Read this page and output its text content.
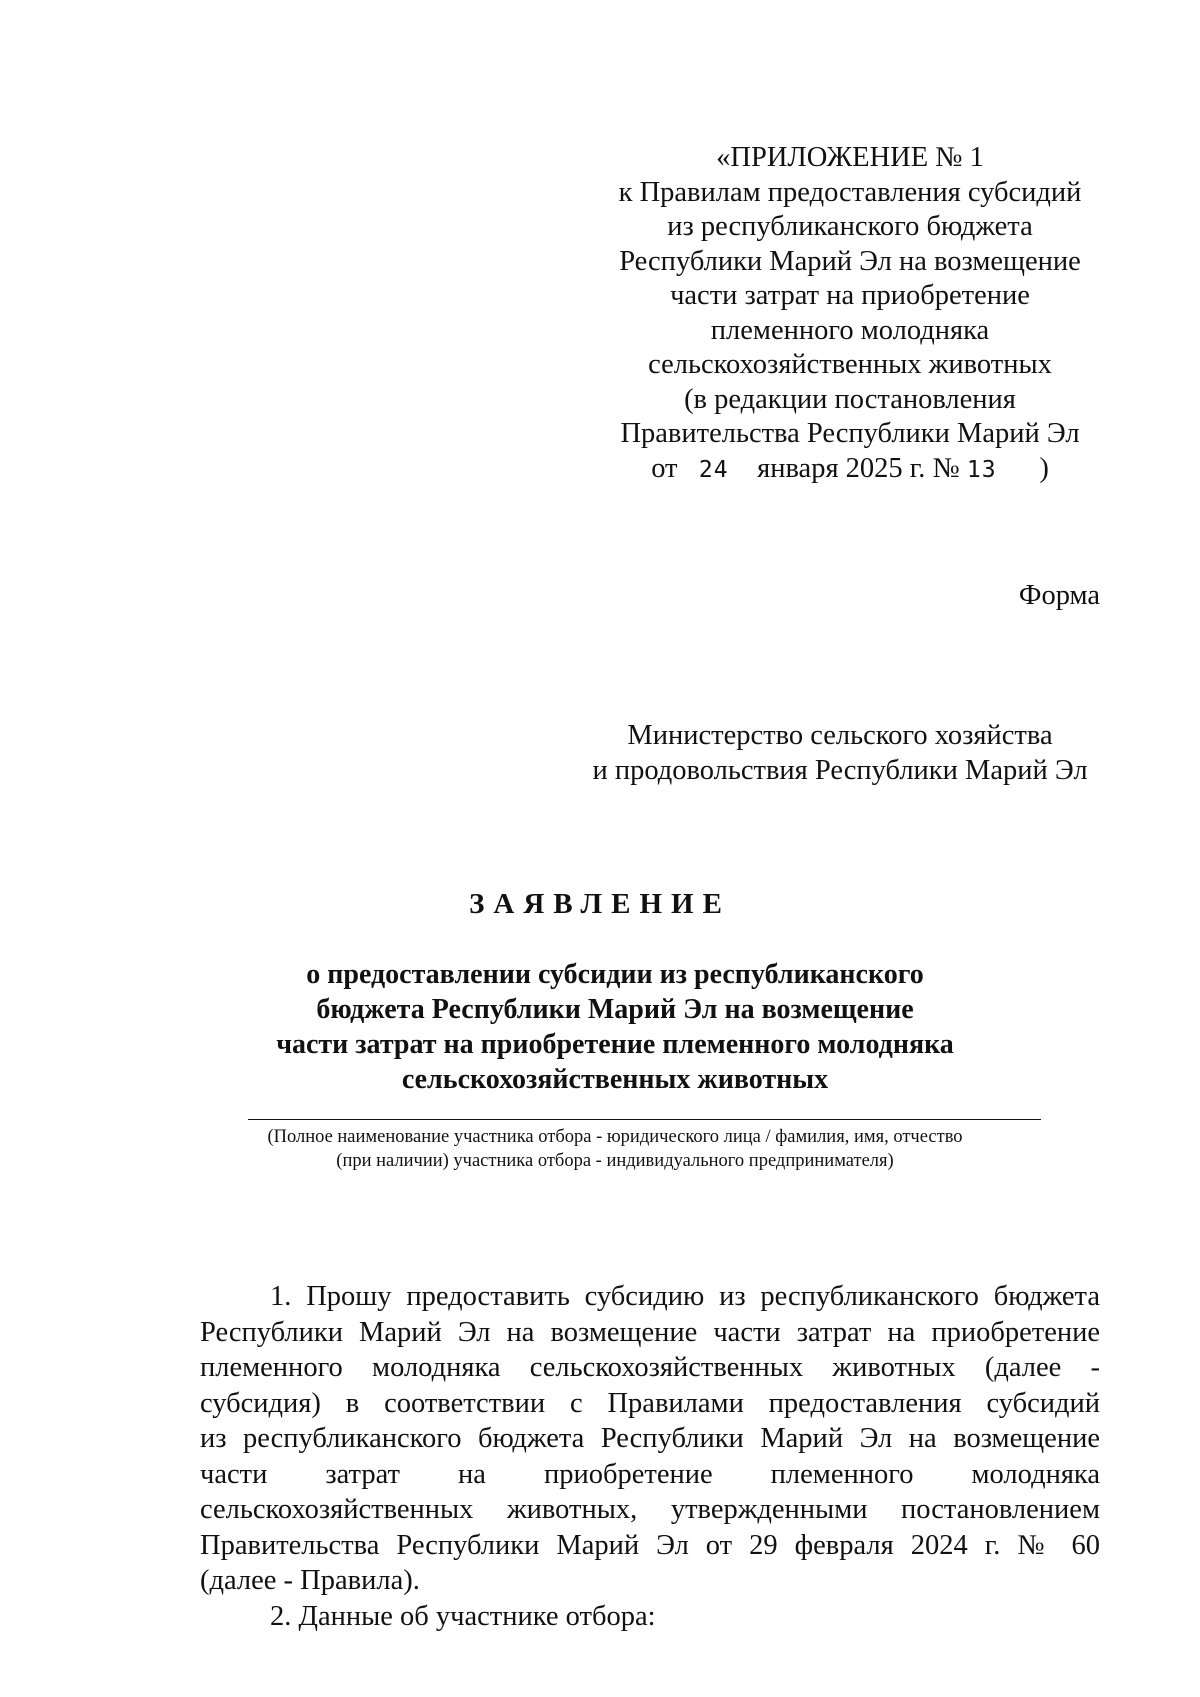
«ПРИЛОЖЕНИЕ № 1
к Правилам предоставления субсидий
из республиканского бюджета
Республики Марий Эл на возмещение
части затрат на приобретение
племенного молодняка
сельскохозяйственных животных
(в редакции постановления
Правительства Республики Марий Эл
от 24 января 2025 г. № 13 )
Форма
Министерство сельского хозяйства
и продовольствия Республики Марий Эл
ЗАЯВЛЕНИЕ
о предоставлении субсидии из республиканского
бюджета Республики Марий Эл на возмещение
части затрат на приобретение племенного молодняка
сельскохозяйственных животных
(Полное наименование участника отбора - юридического лица / фамилия, имя, отчество
(при наличии) участника отбора - индивидуального предпринимателя)
1. Прошу предоставить субсидию из республиканского бюджета
Республики Марий Эл на возмещение части затрат на приобретение
племенного молодняка сельскохозяйственных животных (далее -
субсидия) в соответствии с Правилами предоставления субсидий
из республиканского бюджета Республики Марий Эл на возмещение
части затрат на приобретение племенного молодняка
сельскохозяйственных животных, утвержденными постановлением
Правительства Республики Марий Эл от 29 февраля 2024 г. № 60
(далее - Правила).
2. Данные об участнике отбора:
